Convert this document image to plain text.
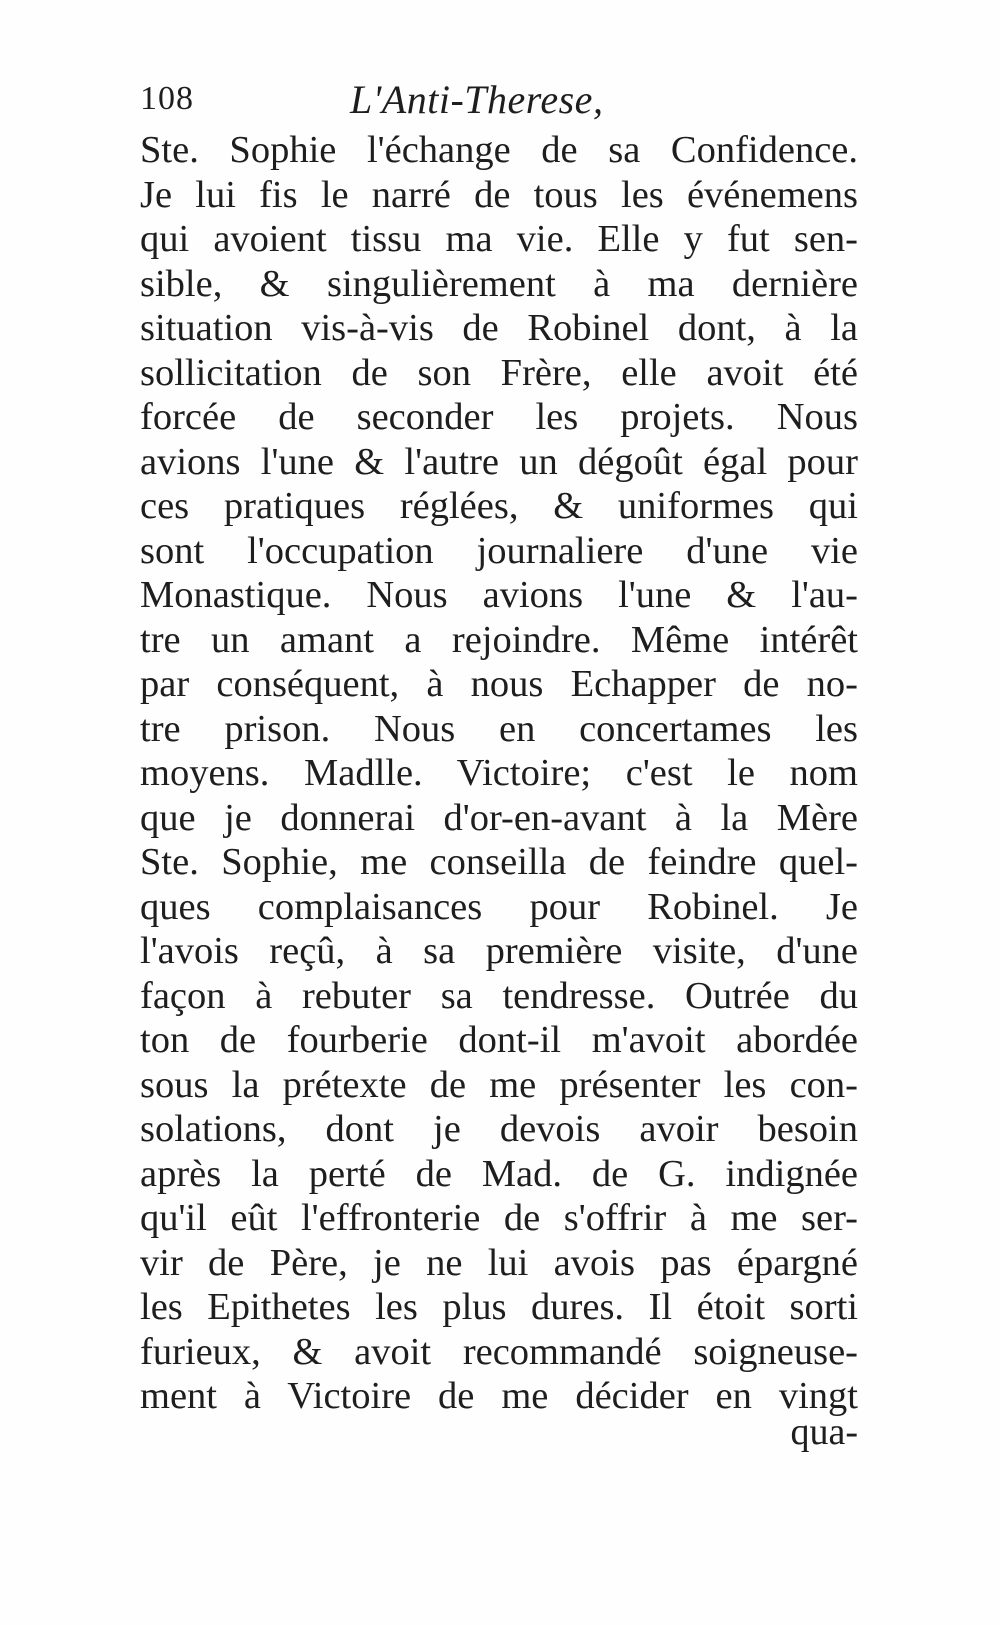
108	L'Anti-Therese,
Ste. Sophie l'échange de sa Confidence.
Je lui fis le narré de tous les événemens
qui avoient tissu ma vie. Elle y fut sen-
sible, & singulièrement à ma dernière
situation vis-à-vis de Robinel dont, à la
sollicitation de son Frère, elle avoit été
forcée de seconder les projets. Nous
avions l'une & l'autre un dégoût égal pour
ces pratiques réglées, & uniformes qui
sont l'occupation journaliere d'une vie
Monastique. Nous avions l'une & l'au-
tre un amant a rejoindre. Même intérêt
par conséquent, à nous Echapper de no-
tre prison. Nous en concertames les
moyens. Madlle. Victoire; c'est le nom
que je donnerai d'or-en-avant à la Mère
Ste. Sophie, me conseilla de feindre quel-
ques complaisances pour Robinel. Je
l'avois reçû, à sa première visite, d'une
façon à rebuter sa tendresse. Outrée du
ton de fourberie dont-il m'avoit abordée
sous la prétexte de me présenter les con-
solations, dont je devois avoir besoin
après la perté de Mad. de G. indignée
qu'il eût l'effronterie de s'offrir à me ser-
vir de Père, je ne lui avois pas épargné
les Epithetes les plus dures. Il étoit sorti
furieux, & avoit recommandé soigneuse-
ment à Victoire de me décider en vingt
qua-
